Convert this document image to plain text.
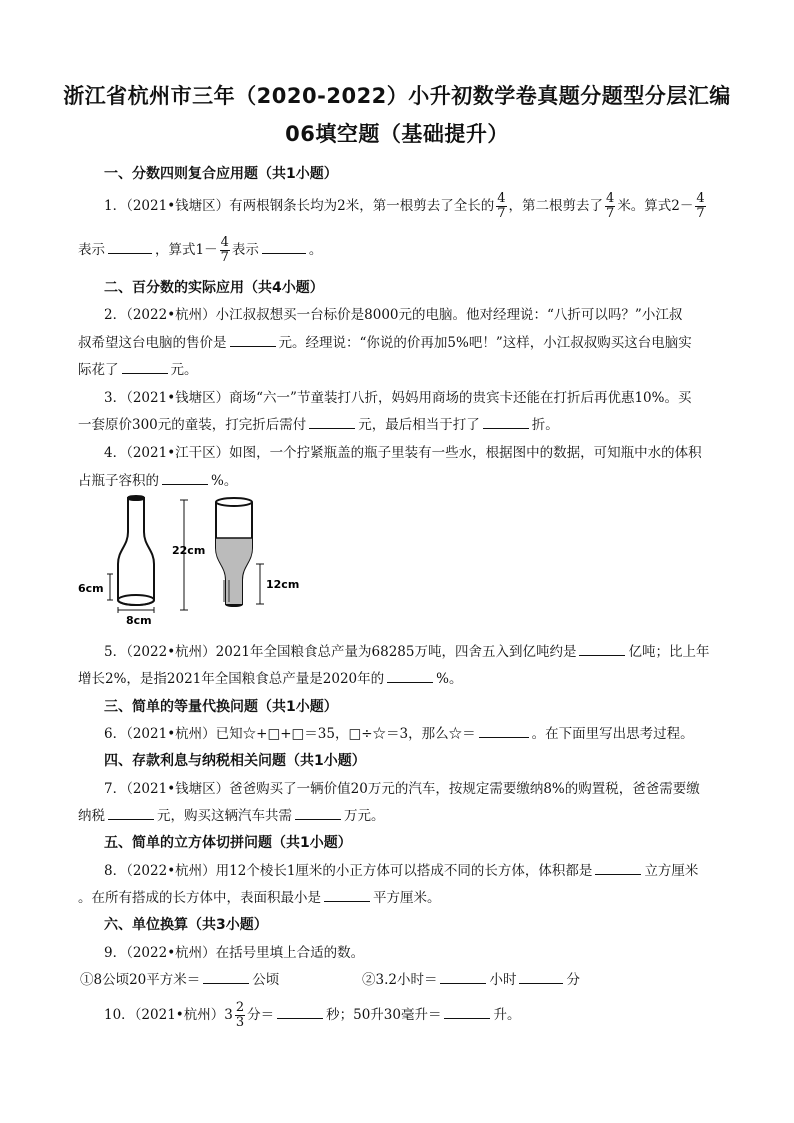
浙江省杭州市三年（2020-2022）小升初数学卷真题分题型分层汇编
06填空题（基础提升）
一、分数四则复合应用题（共1小题）
1．（2021•钱塘区）有两根钢条长均为2米，第一根剪去了全长的 $\frac{4}{7}$ ，第二根剪去了 $\frac{4}{7}$ 米。算式$2- \frac{4}{7}$
表示	，算式$1- \frac{4}{7}$ 表示	。
二、百分数的实际应用（共4小题）
2．（2022•杭州）小江叔叔想买一台标价是8000元的电脑。他对经理说：“八折可以吗？”小江叔
叔希望这台电脑的售价是	元。经理说：“你说的价再加5%吧！”这样，小江叔叔购买这台电脑实
际花了	元。
3．（2021•钱塘区）商场“六一”节童装打八折，妈妈用商场的贵宾卡还能在打折后再优惠10%。买
一套原价300元的童装，打完折后需付	元，最后相当于打了	折。
4．（2021•江干区）如图，一个拧紧瓶盖的瓶子里装有一些水，根据图中的数据，可知瓶中水的体积
占瓶子容积的	%。
6cm
8cm
22cm
12cm
5．（2022•杭州）2021年全国粮食总产量为68285万吨，四舍五入到亿吨约是	亿吨；比上年
增长2%，是指2021年全国粮食总产量是2020年的	%。
三、简单的等量代换问题（共1小题）
6．（2021•杭州）已知☆+□+□＝35，□÷☆＝3，那么☆＝	。在下面里写出思考过程。
四、存款利息与纳税相关问题（共1小题）
7．（2021•钱塘区）爸爸购买了一辆价值20万元的汽车，按规定需要缴纳8%的购置税，爸爸需要缴
纳税	元，购买这辆汽车共需	万元。
五、简单的立方体切拼问题（共1小题）
8．（2022•杭州）用12个棱长1厘米的小正方体可以搭成不同的长方体，体积都是	立方厘米
。在所有搭成的长方体中，表面积最小是	平方厘米。
六、单位换算（共3小题）
9．（2022•杭州）在括号里填上合适的数。
①8公顷20平方米＝	公顷	②3.2小时＝	小时	分
10．（2021•杭州）$3 \frac{2}{3}$ 分＝	秒；50升30毫升＝	升。
